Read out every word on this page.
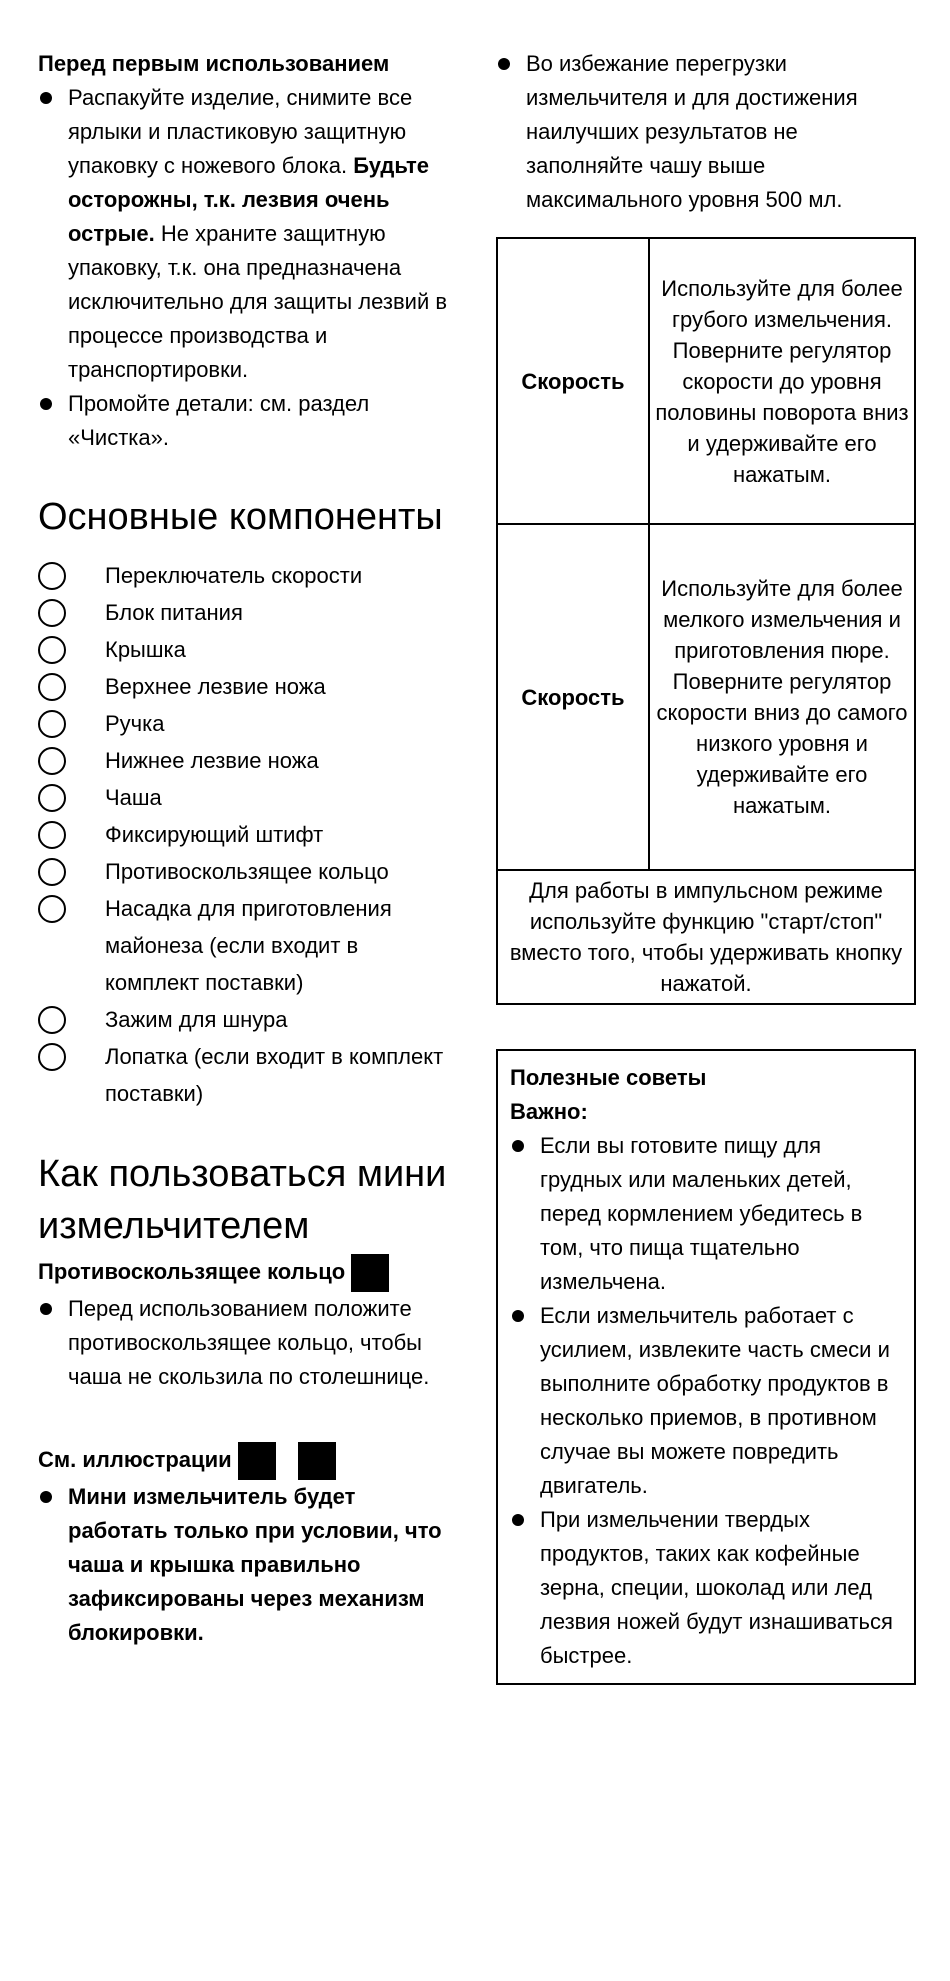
Перед первым использованием

Распакуйте изделие, снимите все ярлыки и пластиковую защитную упаковку с ножевого блока. Будьте осторожны, т.к. лезвия очень острые. Не храните защитную упаковку, т.к. она предназначена исключительно для защиты лезвий в процессе производства и транспортировки.
Промойте детали: см. раздел «Чистка».
Основные компоненты
Переключатель скорости
Блок питания
Крышка
Верхнее лезвие ножа
Ручка
Нижнее лезвие ножа
Чаша
Фиксирующий штифт
Противоскользящее кольцо
Насадка для приготовления майонеза (если входит в комплект поставки)
Зажим для шнура
Лопатка (если входит в комплект поставки)
Как пользоваться мини измельчителем

Противоскользящее кольцо

Перед использованием положите противоскользящее кольцо, чтобы чаша не скользила по столешнице.

См. иллюстрации

Мини измельчитель будет работать только при условии, что чаша и крышка правильно зафиксированы через механизм блокировки.
Во избежание перегрузки измельчителя и для достижения наилучших результатов не заполняйте чашу выше максимального уровня 500 мл.
Скорость	Используйте для более грубого измельчения.
Поверните регулятор скорости до уровня половины поворота вниз и удерживайте его нажатым.

Скорость	Используйте для более мелкого измельчения и приготовления пюре.
Поверните регулятор скорости вниз до самого низкого уровня и удерживайте его нажатым.

Для работы в импульсном режиме используйте функцию "старт/стоп" вместо того, чтобы удерживать кнопку нажатой.	

Полезные советы

Важно:

Если вы готовите пищу для грудных или маленьких детей, перед кормлением убедитесь в том, что пища тщательно измельчена.
Если измельчитель работает с усилием, извлеките часть смеси и выполните обработку продуктов в несколько приемов, в противном случае вы можете повредить двигатель.
При измельчении твердых продуктов, таких как кофейные зерна, специи, шоколад или лед лезвия ножей будут изнашиваться быстрее.
